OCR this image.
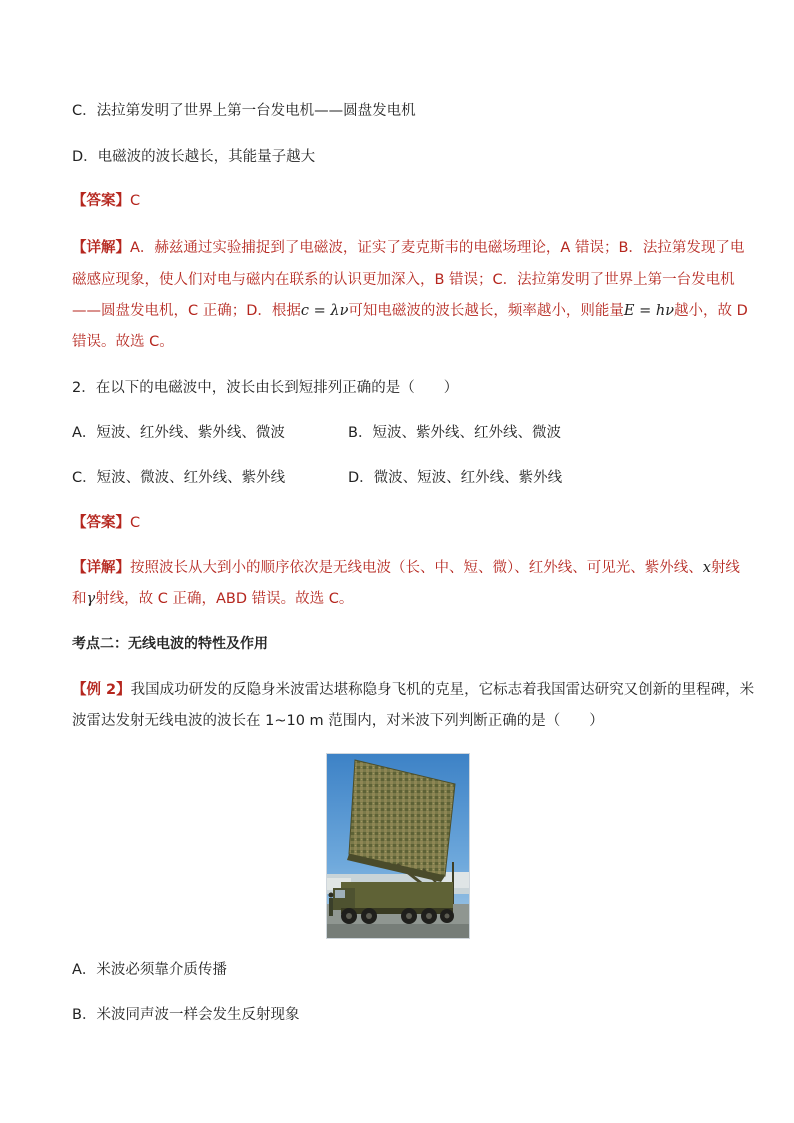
C．法拉第发明了世界上第一台发电机——圆盘发电机
D．电磁波的波长越长，其能量子越大
【答案】C
【详解】A．赫兹通过实验捕捉到了电磁波，证实了麦克斯韦的电磁场理论，A 错误；B．法拉第发现了电
磁感应现象，使人们对电与磁内在联系的认识更加深入，B 错误；C．法拉第发明了世界上第一台发电机
——圆盘发电机，C 正确；D．根据c = λν可知电磁波的波长越长，频率越小，则能量E = hν越小，故 D
错误。故选 C。
2．在以下的电磁波中，波长由长到短排列正确的是（　　）
A．短波、红外线、紫外线、微波	B．短波、紫外线、红外线、微波
C．短波、微波、红外线、紫外线	D．微波、短波、红外线、紫外线
【答案】C
【详解】按照波长从大到小的顺序依次是无线电波（长、中、短、微）、红外线、可见光、紫外线、x射线
和γ射线，故 C 正确，ABD 错误。故选 C。
考点二：无线电波的特性及作用
【例 2】我国成功研发的反隐身米波雷达堪称隐身飞机的克星，它标志着我国雷达研究又创新的里程碑，米
波雷达发射无线电波的波长在 1~10 m 范围内，对米波下列判断正确的是（　　）
A．米波必须靠介质传播
B．米波同声波一样会发生反射现象
